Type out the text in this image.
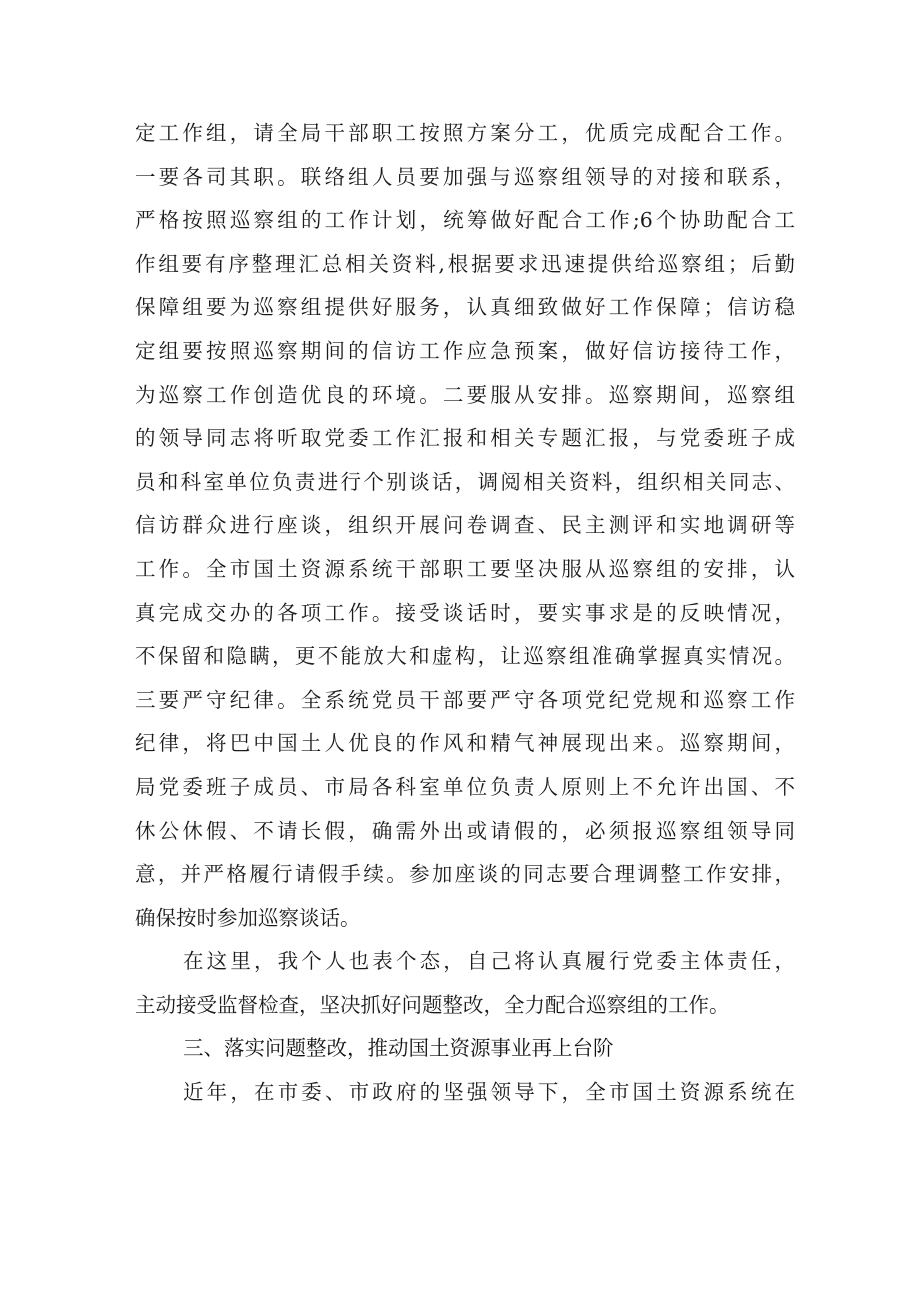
定工作组，请全局干部职工按照方案分工，优质完成配合工作。
一要各司其职。联络组人员要加强与巡察组领导的对接和联系，
严格按照巡察组的工作计划，统筹做好配合工作;6个协助配合工
作组要有序整理汇总相关资料,根据要求迅速提供给巡察组；后勤
保障组要为巡察组提供好服务，认真细致做好工作保障；信访稳
定组要按照巡察期间的信访工作应急预案，做好信访接待工作，
为巡察工作创造优良的环境。二要服从安排。巡察期间，巡察组
的领导同志将听取党委工作汇报和相关专题汇报，与党委班子成
员和科室单位负责进行个别谈话，调阅相关资料，组织相关同志、
信访群众进行座谈，组织开展问卷调查、民主测评和实地调研等
工作。全市国土资源系统干部职工要坚决服从巡察组的安排，认
真完成交办的各项工作。接受谈话时，要实事求是的反映情况，
不保留和隐瞒，更不能放大和虚构，让巡察组准确掌握真实情况。
三要严守纪律。全系统党员干部要严守各项党纪党规和巡察工作
纪律，将巴中国土人优良的作风和精气神展现出来。巡察期间，
局党委班子成员、市局各科室单位负责人原则上不允许出国、不
休公休假、不请长假，确需外出或请假的，必须报巡察组领导同
意，并严格履行请假手续。参加座谈的同志要合理调整工作安排，
确保按时参加巡察谈话。
在这里，我个人也表个态，自己将认真履行党委主体责任，
主动接受监督检查，坚决抓好问题整改，全力配合巡察组的工作。
三、落实问题整改，推动国土资源事业再上台阶
近年，在市委、市政府的坚强领导下，全市国土资源系统在
